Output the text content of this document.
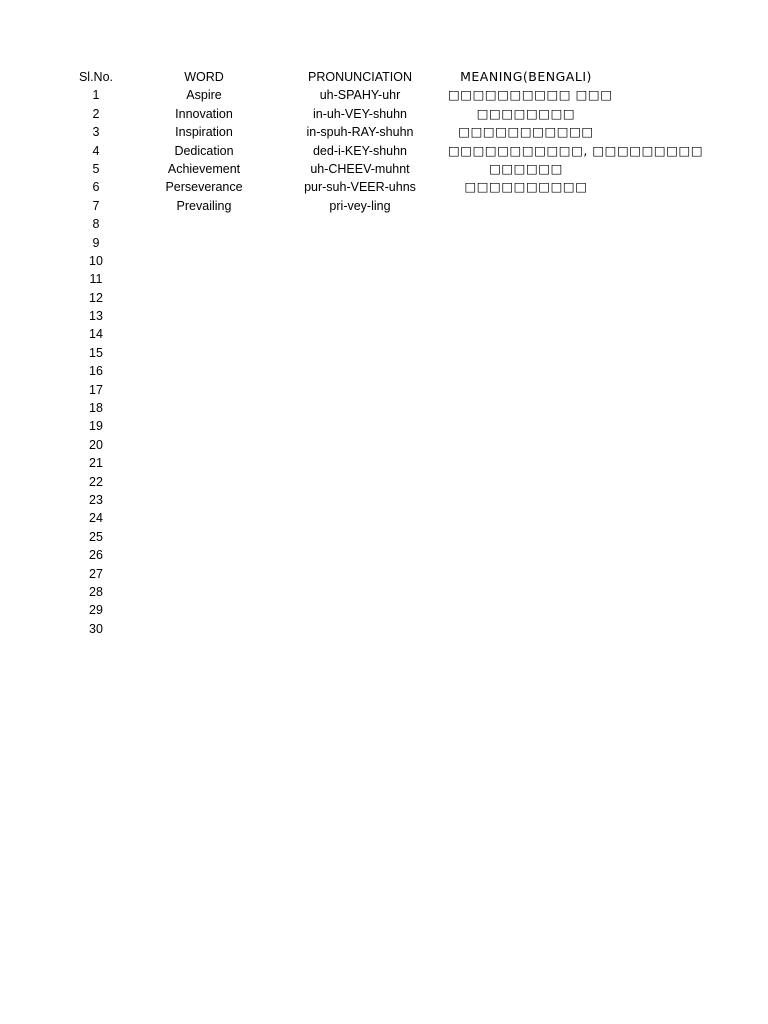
Sl.No.	WORD	PRONUNCIATION	MEANING(BENGALI)
1	Aspire	uh-SPAHY-uhr	□□□□□□□□□□ □□□
2	Innovation	in-uh-VEY-shuhn	□□□□□□□□
3	Inspiration	in-spuh-RAY-shuhn	□□□□□□□□□□□
4	Dedication	ded-i-KEY-shuhn	□□□□□□□□□□□, □□□□□□□□□
5	Achievement	uh-CHEEV-muhnt	□□□□□□
6	Perseverance	pur-suh-VEER-uhns	□□□□□□□□□□
7	Prevailing	pri-vey-ling
8
9
10
11
12
13
14
15
16
17
18
19
20
21
22
23
24
25
26
27
28
29
30
